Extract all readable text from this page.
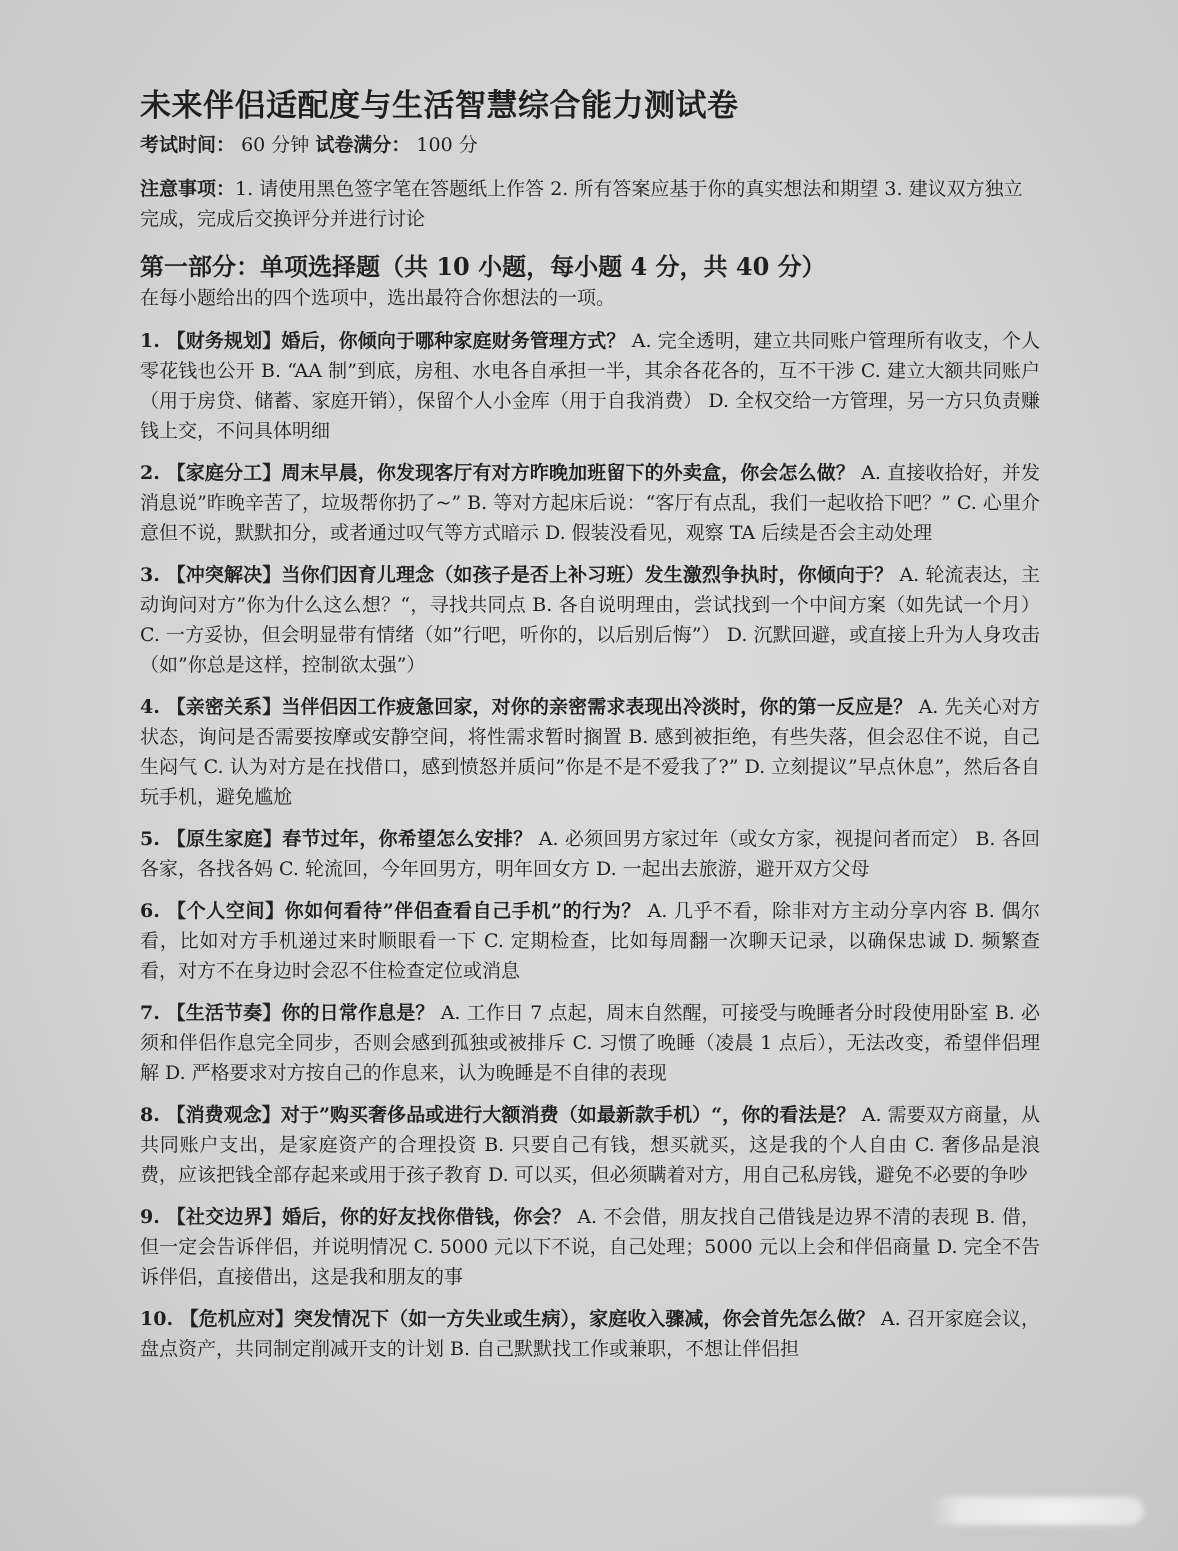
未来伴侣适配度与生活智慧综合能力测试卷
考试时间： 60 分钟 试卷满分： 100 分
注意事项：1. 请使用黑色签字笔在答题纸上作答 2. 所有答案应基于你的真实想法和期望 3. 建议双方独立完成，完成后交换评分并进行讨论
第一部分：单项选择题（共 10 小题，每小题 4 分，共 40 分）
在每小题给出的四个选项中，选出最符合你想法的一项。
1. 【财务规划】婚后，你倾向于哪种家庭财务管理方式？ A. 完全透明，建立共同账户管理所有收支，个人零花钱也公开 B. “AA 制”到底，房租、水电各自承担一半，其余各花各的，互不干涉 C. 建立大额共同账户（用于房贷、储蓄、家庭开销），保留个人小金库（用于自我消费） D. 全权交给一方管理，另一方只负责赚钱上交，不问具体明细
2. 【家庭分工】周末早晨，你发现客厅有对方昨晚加班留下的外卖盒，你会怎么做？ A. 直接收拾好，并发消息说”昨晚辛苦了，垃圾帮你扔了~” B. 等对方起床后说：“客厅有点乱，我们一起收拾下吧？” C. 心里介意但不说，默默扣分，或者通过叹气等方式暗示 D. 假装没看见，观察 TA 后续是否会主动处理
3. 【冲突解决】当你们因育儿理念（如孩子是否上补习班）发生激烈争执时，你倾向于？ A. 轮流表达，主动询问对方”你为什么这么想？“，寻找共同点 B. 各自说明理由，尝试找到一个中间方案（如先试一个月） C. 一方妥协，但会明显带有情绪（如”行吧，听你的，以后别后悔”） D. 沉默回避，或直接上升为人身攻击（如”你总是这样，控制欲太强”）
4. 【亲密关系】当伴侣因工作疲惫回家，对你的亲密需求表现出冷淡时，你的第一反应是？ A. 先关心对方状态，询问是否需要按摩或安静空间，将性需求暂时搁置 B. 感到被拒绝，有些失落，但会忍住不说，自己生闷气 C. 认为对方是在找借口，感到愤怒并质问”你是不是不爱我了?” D. 立刻提议”早点休息”，然后各自玩手机，避免尴尬
5. 【原生家庭】春节过年，你希望怎么安排？ A. 必须回男方家过年（或女方家，视提问者而定） B. 各回各家，各找各妈 C. 轮流回，今年回男方，明年回女方 D. 一起出去旅游，避开双方父母
6. 【个人空间】你如何看待”伴侣查看自己手机”的行为？ A. 几乎不看，除非对方主动分享内容 B. 偶尔看，比如对方手机递过来时顺眼看一下 C. 定期检查，比如每周翻一次聊天记录，以确保忠诚 D. 频繁查看，对方不在身边时会忍不住检查定位或消息
7. 【生活节奏】你的日常作息是？ A. 工作日 7 点起，周末自然醒，可接受与晚睡者分时段使用卧室 B. 必须和伴侣作息完全同步，否则会感到孤独或被排斥 C. 习惯了晚睡（凌晨 1 点后），无法改变，希望伴侣理解 D. 严格要求对方按自己的作息来，认为晚睡是不自律的表现
8. 【消费观念】对于”购买奢侈品或进行大额消费（如最新款手机）“，你的看法是？ A. 需要双方商量，从共同账户支出，是家庭资产的合理投资 B. 只要自己有钱，想买就买，这是我的个人自由 C. 奢侈品是浪费，应该把钱全部存起来或用于孩子教育 D. 可以买，但必须瞒着对方，用自己私房钱，避免不必要的争吵
9. 【社交边界】婚后，你的好友找你借钱，你会？ A. 不会借，朋友找自己借钱是边界不清的表现 B. 借，但一定会告诉伴侣，并说明情况 C. 5000 元以下不说，自己处理；5000 元以上会和伴侣商量 D. 完全不告诉伴侣，直接借出，这是我和朋友的事
10. 【危机应对】突发情况下（如一方失业或生病），家庭收入骤减，你会首先怎么做？ A. 召开家庭会议，盘点资产，共同制定削减开支的计划 B. 自己默默找工作或兼职，不想让伴侣担
